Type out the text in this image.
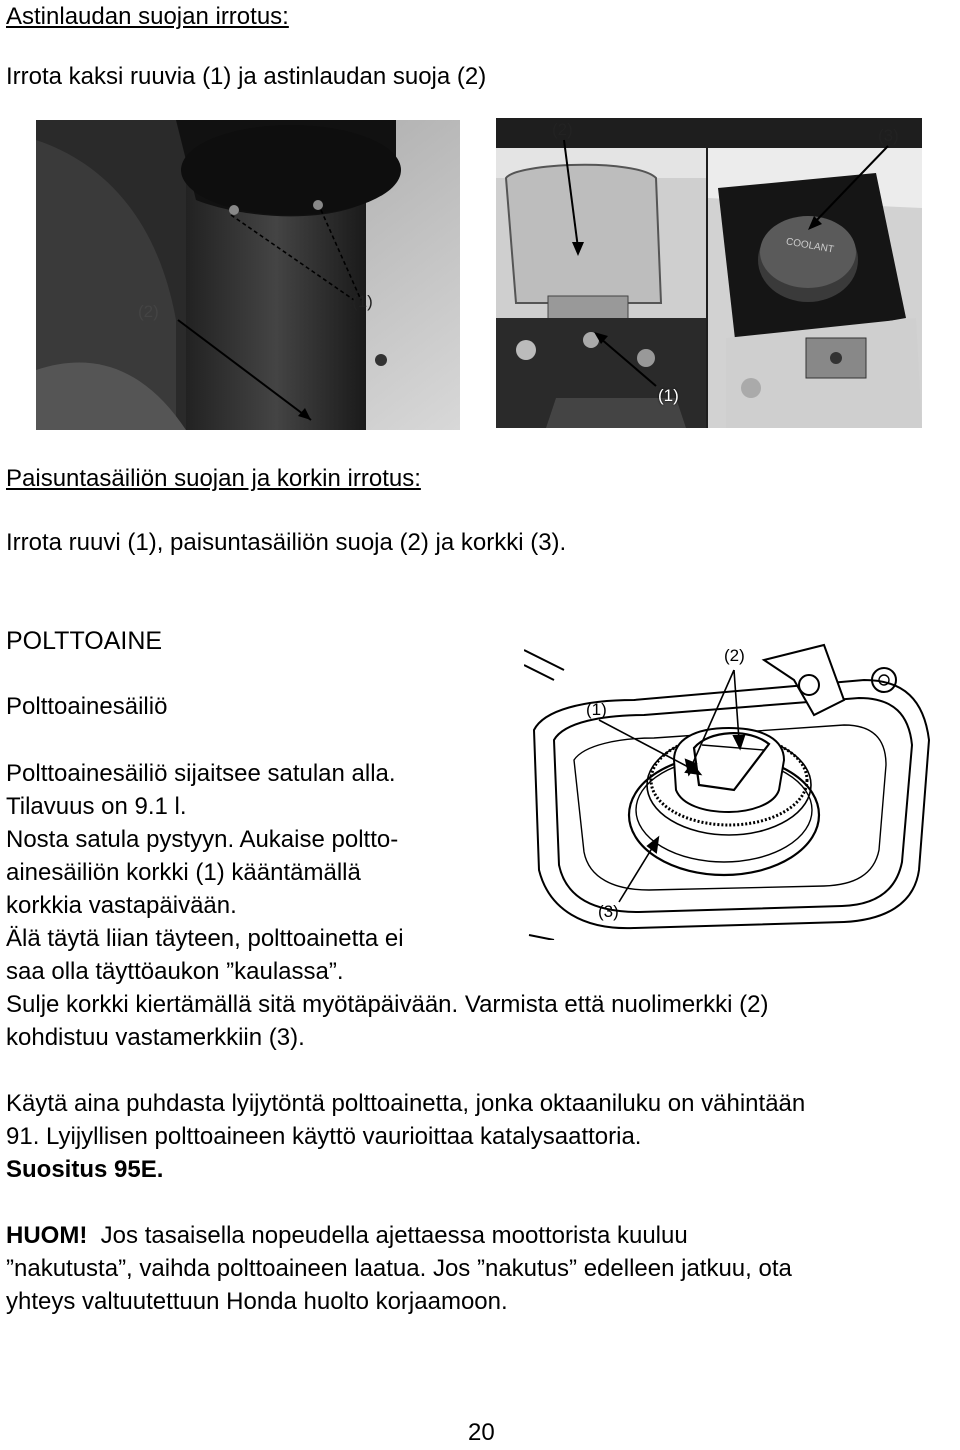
Astinlaudan suojan irrotus:
Irrota kaksi ruuvia (1) ja astinlaudan suoja (2)
(2)
(1)
COOLANT
(2)	(3)
(1)
Paisuntasäiliön suojan ja korkin irrotus:
Irrota ruuvi (1), paisuntasäiliön suoja (2) ja korkki (3).
POLTTOAINE
Polttoainesäiliö
Polttoainesäiliö sijaitsee satulan alla.
Tilavuus on 9.1 l.
Nosta satula pystyyn. Aukaise poltto-
ainesäiliön korkki (1) kääntämällä
korkkia vastapäivään.
Älä täytä liian täyteen, polttoainetta ei
saa olla täyttöaukon ”kaulassa”.
Sulje korkki kiertämällä sitä myötäpäivään. Varmista että nuolimerkki (2)
kohdistuu vastamerkkiin (3).
(1)
(2)
(3)
Käytä aina puhdasta lyijytöntä polttoainetta, jonka oktaaniluku on vähintään
91. Lyijyllisen polttoaineen käyttö vaurioittaa katalysaattoria.
Suositus 95E.
HUOM! Jos tasaisella nopeudella ajettaessa moottorista kuuluu
”nakutusta”, vaihda polttoaineen laatua. Jos ”nakutus” edelleen jatkuu, ota
yhteys valtuutettuun Honda huolto korjaamoon.
20
